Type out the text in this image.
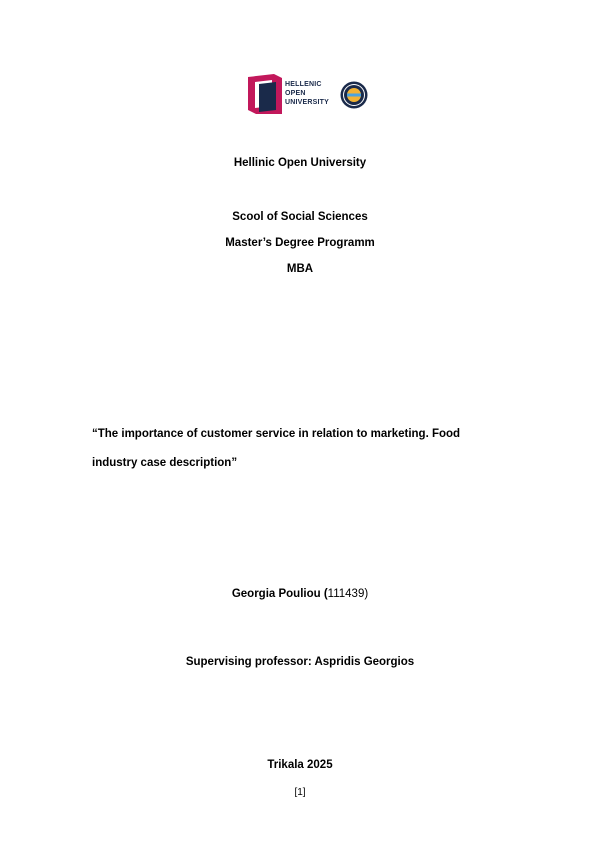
HELLENIC
OPEN
UNIVERSITY
Hellinic Open University
Scool of Social Sciences
Master’s Degree Programm
MBA
“The importance of customer service in relation to marketing. Food
industry case description”
Georgia Pouliou (111439)
Supervising professor: Aspridis Georgios
Trikala 2025
[1]
